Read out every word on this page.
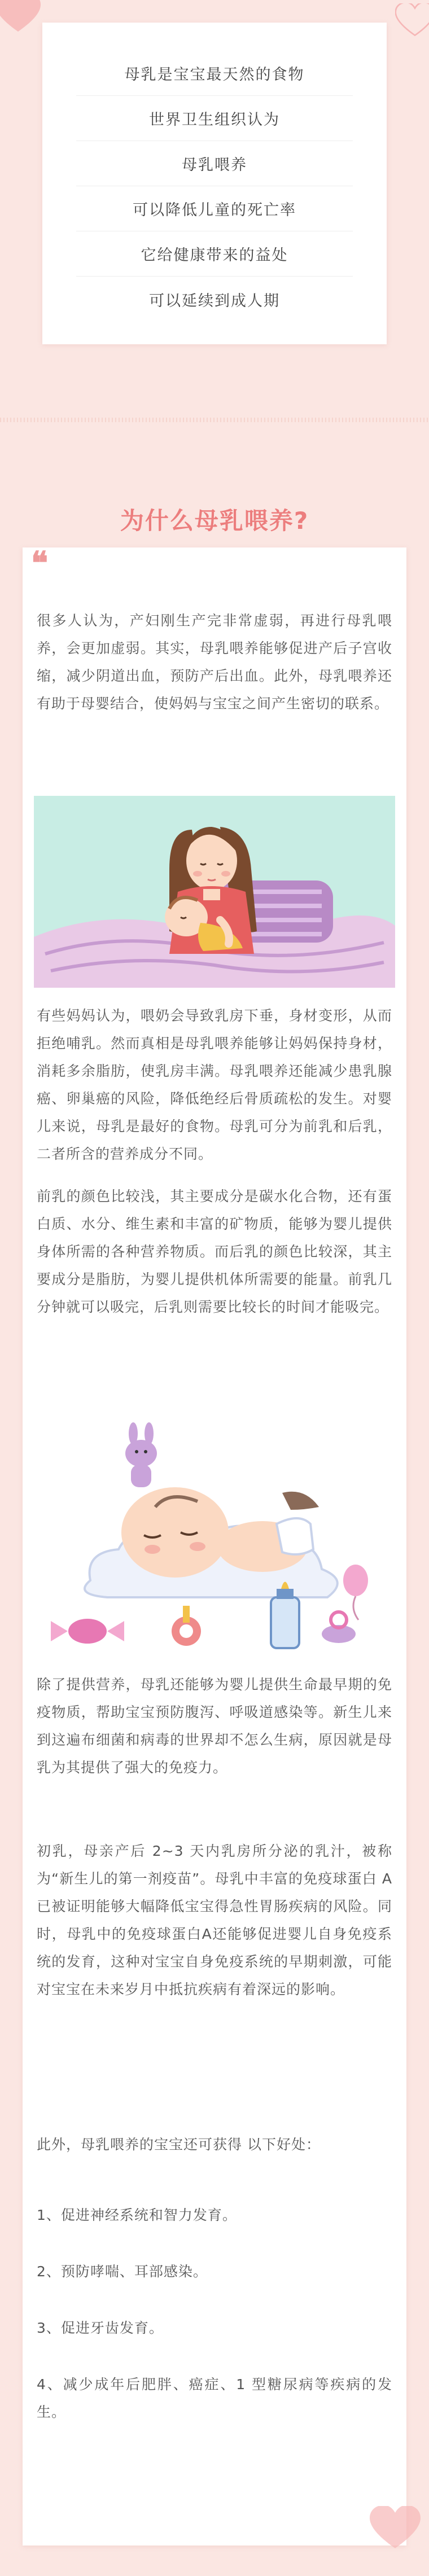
母乳是宝宝最天然的食物
世界卫生组织认为
母乳喂养
可以降低儿童的死亡率
它给健康带来的益处
可以延续到成人期
为什么母乳喂养?
❝

很多人认为，产妇刚生产完非常虚弱，再进行母乳喂养，会更加虚弱。其实，母乳喂养能够促进产后子宫收缩，减少阴道出血，预防产后出血。此外，母乳喂养还有助于母婴结合，使妈妈与宝宝之间产生密切的联系。

有些妈妈认为，喂奶会导致乳房下垂，身材变形，从而拒绝哺乳。然而真相是母乳喂养能够让妈妈保持身材，消耗多余脂肪，使乳房丰满。母乳喂养还能减少患乳腺癌、卵巢癌的风险，降低绝经后骨质疏松的发生。对婴儿来说，母乳是最好的食物。母乳可分为前乳和后乳，二者所含的营养成分不同。

前乳的颜色比较浅，其主要成分是碳水化合物，还有蛋白质、水分、维生素和丰富的矿物质，能够为婴儿提供身体所需的各种营养物质。而后乳的颜色比较深，其主要成分是脂肪，为婴儿提供机体所需要的能量。前乳几分钟就可以吸完，后乳则需要比较长的时间才能吸完。

除了提供营养，母乳还能够为婴儿提供生命最早期的免疫物质，帮助宝宝预防腹泻、呼吸道感染等。新生儿来到这遍布细菌和病毒的世界却不怎么生病，原因就是母乳为其提供了强大的免疫力。

初乳，母亲产后 2~3 天内乳房所分泌的乳汁，被称为“新生儿的第一剂疫苗”。母乳中丰富的免疫球蛋白 A 已被证明能够大幅降低宝宝得急性胃肠疾病的风险。同时，母乳中的免疫球蛋白A还能够促进婴儿自身免疫系统的发育，这种对宝宝自身免疫系统的早期刺激，可能对宝宝在未来岁月中抵抗疾病有着深远的影响。

此外，母乳喂养的宝宝还可获得 以下好处：

1、促进神经系统和智力发育。

2、预防哮喘、耳部感染。

3、促进牙齿发育。

4、减少成年后肥胖、癌症、1 型糖尿病等疾病的发生。
